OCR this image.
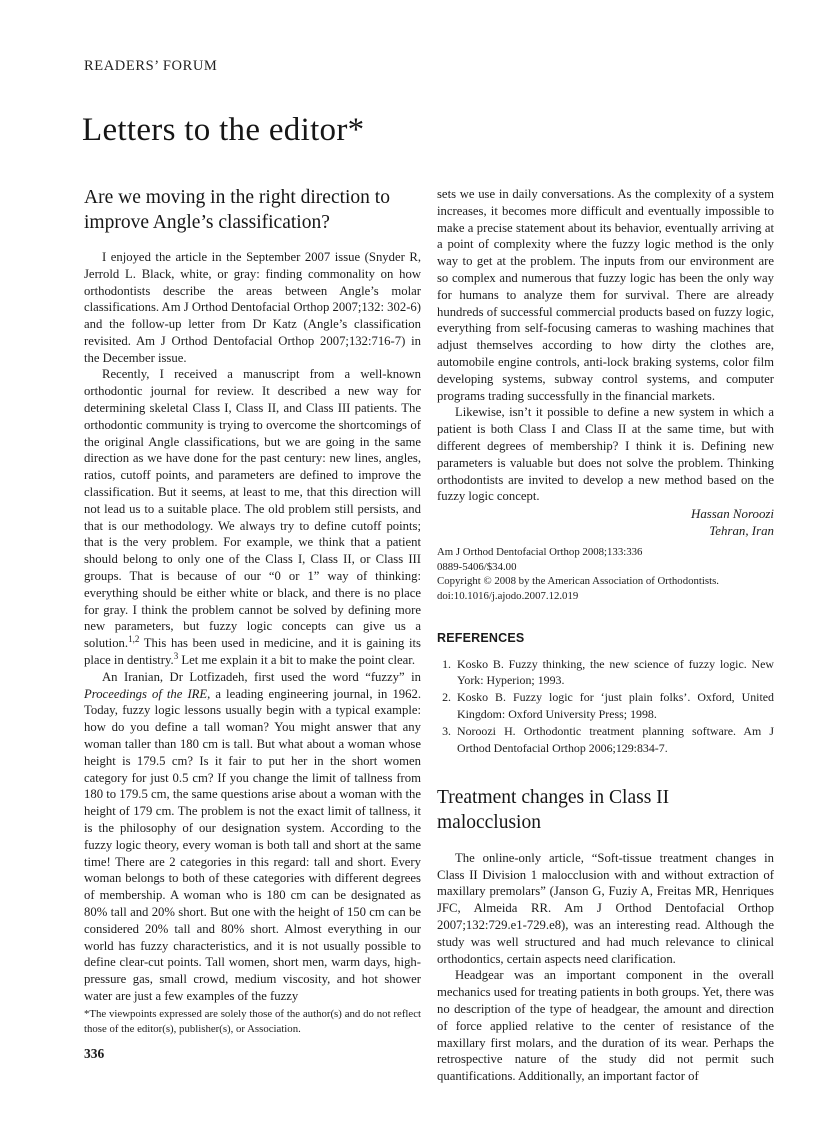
READERS’ FORUM
Letters to the editor*
Are we moving in the right direction to improve Angle’s classification?

I enjoyed the article in the September 2007 issue (Snyder R, Jerrold L. Black, white, or gray: finding commonality on how orthodontists describe the areas between Angle’s molar classifications. Am J Orthod Dentofacial Orthop 2007;132: 302-6) and the follow-up letter from Dr Katz (Angle’s classification revisited. Am J Orthod Dentofacial Orthop 2007;132:716-7) in the December issue.

Recently, I received a manuscript from a well-known orthodontic journal for review. It described a new way for determining skeletal Class I, Class II, and Class III patients. The orthodontic community is trying to overcome the shortcomings of the original Angle classifications, but we are going in the same direction as we have done for the past century: new lines, angles, ratios, cutoff points, and parameters are defined to improve the classification. But it seems, at least to me, that this direction will not lead us to a suitable place. The old problem still persists, and that is our methodology. We always try to define cutoff points; that is the very problem. For example, we think that a patient should belong to only one of the Class I, Class II, or Class III groups. That is because of our “0 or 1” way of thinking: everything should be either white or black, and there is no place for gray. I think the problem cannot be solved by defining more new parameters, but fuzzy logic concepts can give us a solution.$^{1,2}$ This has been used in medicine, and it is gaining its place in dentistry.$^3$ Let me explain it a bit to make the point clear.

An Iranian, Dr Lotfizadeh, first used the word “fuzzy” in Proceedings of the IRE, a leading engineering journal, in 1962. Today, fuzzy logic lessons usually begin with a typical example: how do you define a tall woman? You might answer that any woman taller than 180 cm is tall. But what about a woman whose height is 179.5 cm? Is it fair to put her in the short women category for just 0.5 cm? If you change the limit of tallness from 180 to 179.5 cm, the same questions arise about a woman with the height of 179 cm. The problem is not the exact limit of tallness, it is the philosophy of our designation system. According to the fuzzy logic theory, every woman is both tall and short at the same time! There are 2 categories in this regard: tall and short. Every woman belongs to both of these categories with different degrees of membership. A woman who is 180 cm can be designated as 80% tall and 20% short. But one with the height of 150 cm can be considered 20% tall and 80% short. Almost everything in our world has fuzzy characteristics, and it is not usually possible to define clear-cut points. Tall women, short men, warm days, high-pressure gas, small crowd, medium viscosity, and hot shower water are just a few examples of the fuzzy

sets we use in daily conversations. As the complexity of a system increases, it becomes more difficult and eventually impossible to make a precise statement about its behavior, eventually arriving at a point of complexity where the fuzzy logic method is the only way to get at the problem. The inputs from our environment are so complex and numerous that fuzzy logic has been the only way for humans to analyze them for survival. There are already hundreds of successful commercial products based on fuzzy logic, everything from self-focusing cameras to washing machines that adjust themselves according to how dirty the clothes are, automobile engine controls, anti-lock braking systems, color film developing systems, subway control systems, and computer programs trading successfully in the financial markets.

Likewise, isn’t it possible to define a new system in which a patient is both Class I and Class II at the same time, but with different degrees of membership? I think it is. Defining new parameters is valuable but does not solve the problem. Thinking orthodontists are invited to develop a new method based on the fuzzy logic concept.

Hassan Noroozi
Tehran, Iran
Am J Orthod Dentofacial Orthop 2008;133:336
0889-5406/$34.00
Copyright © 2008 by the American Association of Orthodontists.
doi:10.1016/j.ajodo.2007.12.019
REFERENCES
1. Kosko B. Fuzzy thinking, the new science of fuzzy logic. New York: Hyperion; 1993.
2. Kosko B. Fuzzy logic for ‘just plain folks’. Oxford, United Kingdom: Oxford University Press; 1998.
3. Noroozi H. Orthodontic treatment planning software. Am J Orthod Dentofacial Orthop 2006;129:834-7.
Treatment changes in Class II malocclusion

The online-only article, “Soft-tissue treatment changes in Class II Division 1 malocclusion with and without extraction of maxillary premolars” (Janson G, Fuziy A, Freitas MR, Henriques JFC, Almeida RR. Am J Orthod Dentofacial Orthop 2007;132:729.e1-729.e8), was an interesting read. Although the study was well structured and had much relevance to clinical orthodontics, certain aspects need clarification.

Headgear was an important component in the overall mechanics used for treating patients in both groups. Yet, there was no description of the type of headgear, the amount and direction of force applied relative to the center of resistance of the maxillary first molars, and the duration of its wear. Perhaps the retrospective nature of the study did not permit such quantifications. Additionally, an important factor of

*The viewpoints expressed are solely those of the author(s) and do not reflect those of the editor(s), publisher(s), or Association.
336
